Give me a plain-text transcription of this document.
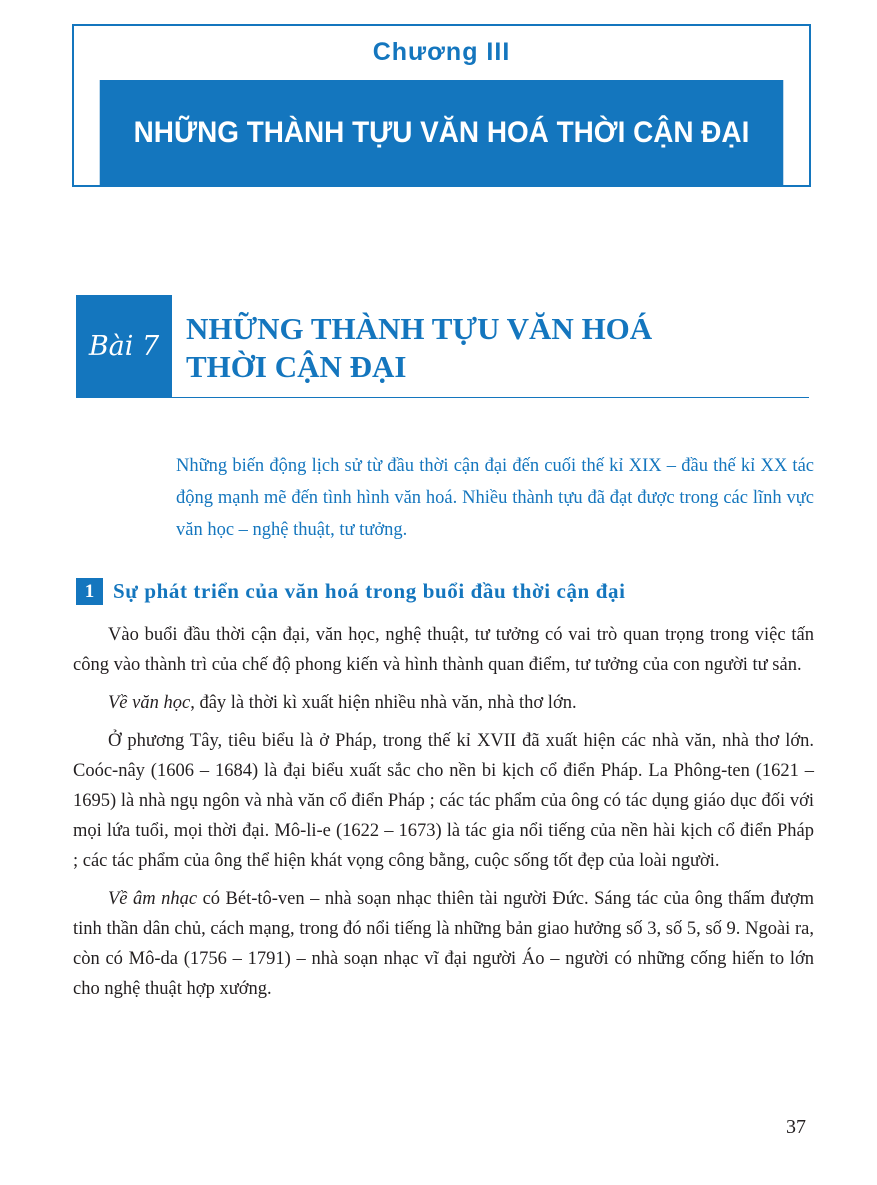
Chương III
NHỮNG THÀNH TỰU VĂN HOÁ THỜI CẬN ĐẠI
Bài 7
NHỮNG THÀNH TỰU VĂN HOÁ
THỜI CẬN ĐẠI
Những biến động lịch sử từ đầu thời cận đại đến cuối thế kỉ XIX – đầu thế kỉ XX tác động mạnh mẽ đến tình hình văn hoá. Nhiều thành tựu đã đạt được trong các lĩnh vực văn học – nghệ thuật, tư tưởng.
1 Sự phát triển của văn hoá trong buổi đầu thời cận đại

Vào buổi đầu thời cận đại, văn học, nghệ thuật, tư tưởng có vai trò quan trọng trong việc tấn công vào thành trì của chế độ phong kiến và hình thành quan điểm, tư tưởng của con người tư sản.

Về văn học, đây là thời kì xuất hiện nhiều nhà văn, nhà thơ lớn.

Ở phương Tây, tiêu biểu là ở Pháp, trong thế kỉ XVII đã xuất hiện các nhà văn, nhà thơ lớn. Coóc-nây (1606 – 1684) là đại biểu xuất sắc cho nền bi kịch cổ điển Pháp. La Phông-ten (1621 – 1695) là nhà ngụ ngôn và nhà văn cổ điển Pháp ; các tác phẩm của ông có tác dụng giáo dục đối với mọi lứa tuổi, mọi thời đại. Mô-li-e (1622 – 1673) là tác gia nổi tiếng của nền hài kịch cổ điển Pháp ; các tác phẩm của ông thể hiện khát vọng công bằng, cuộc sống tốt đẹp của loài người.

Về âm nhạc có Bét-tô-ven – nhà soạn nhạc thiên tài người Đức. Sáng tác của ông thấm đượm tinh thần dân chủ, cách mạng, trong đó nổi tiếng là những bản giao hưởng số 3, số 5, số 9. Ngoài ra, còn có Mô-da (1756 – 1791) – nhà soạn nhạc vĩ đại người Áo – người có những cống hiến to lớn cho nghệ thuật hợp xướng.

37
